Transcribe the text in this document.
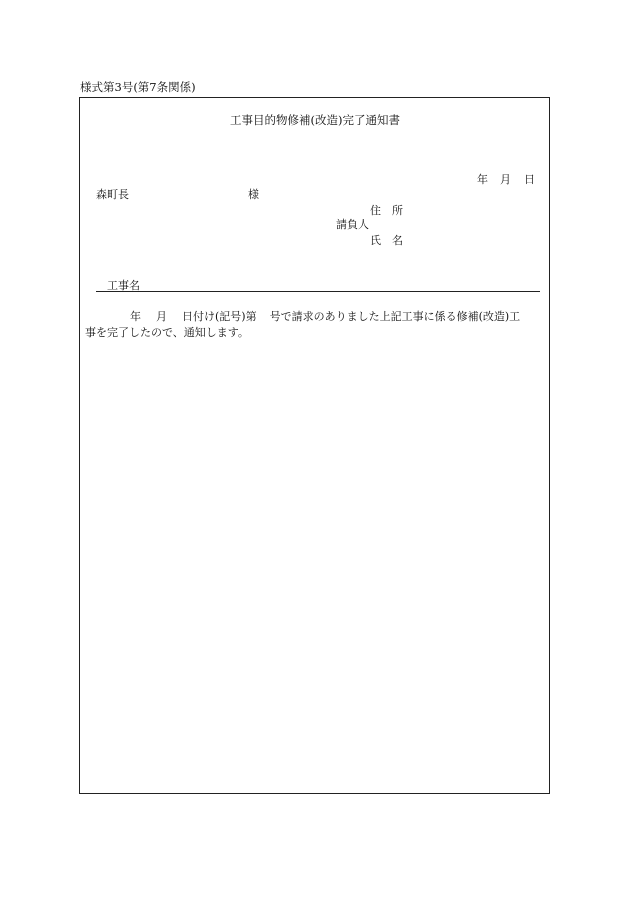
様式第3号(第7条関係)
工事目的物修補(改造)完了通知書
年 月 日
森町長	様
住所
請負人
氏名
工事名
年 月 日付け(記号)第 号で請求のありました上記工事に係る修補(改造)工
事を完了したので、通知します。
